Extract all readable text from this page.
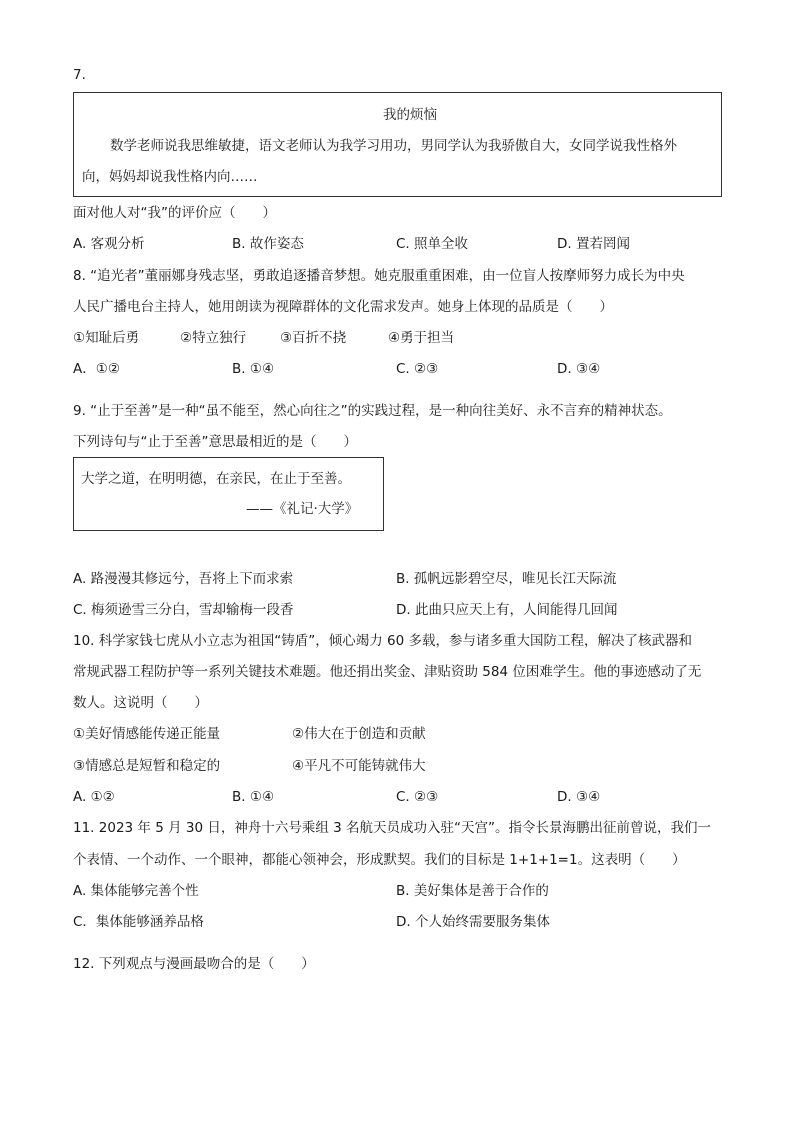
7.
我的烦恼
数学老师说我思维敏捷，语文老师认为我学习用功，男同学认为我骄傲自大，女同学说我性格外
向，妈妈却说我性格内向……
面对他人对“我”的评价应（　　）
A. 客观分析	B. 故作姿态	C. 照单全收	D. 置若罔闻
8. “追光者”董丽娜身残志坚，勇敢追逐播音梦想。她克服重重困难，由一位盲人按摩师努力成长为中央
人民广播电台主持人，她用朗读为视障群体的文化需求发声。她身上体现的品质是（　　）
①知耻后勇	②特立独行	③百折不挠	④勇于担当
A．①②	B. ①④	C. ②③	D. ③④
9. “止于至善”是一种“虽不能至，然心向往之”的实践过程，是一种向往美好、永不言弃的精神状态。
下列诗句与“止于至善”意思最相近的是（　　）
大学之道，在明明德，在亲民，在止于至善。
——《礼记·大学》
A. 路漫漫其修远兮，吾将上下而求索	B. 孤帆远影碧空尽，唯见长江天际流
C. 梅须逊雪三分白，雪却输梅一段香	D. 此曲只应天上有，人间能得几回闻
10. 科学家钱七虎从小立志为祖国“铸盾”，倾心竭力 60 多载，参与诸多重大国防工程，解决了核武器和
常规武器工程防护等一系列关键技术难题。他还捐出奖金、津贴资助 584 位困难学生。他的事迹感动了无
数人。这说明（　　）
①美好情感能传递正能量	②伟大在于创造和贡献
③情感总是短暂和稳定的	④平凡不可能铸就伟大
A. ①②	B. ①④	C. ②③	D. ③④
11. 2023 年 5 月 30 日，神舟十六号乘组 3 名航天员成功入驻“天宫”。指令长景海鹏出征前曾说，我们一
个表情、一个动作、一个眼神，都能心领神会，形成默契。我们的目标是 1+1+1=1。这表明（　　）
A. 集体能够完善个性	B. 美好集体是善于合作的
C．集体能够涵养品格	D. 个人始终需要服务集体
12. 下列观点与漫画最吻合的是（　　）
